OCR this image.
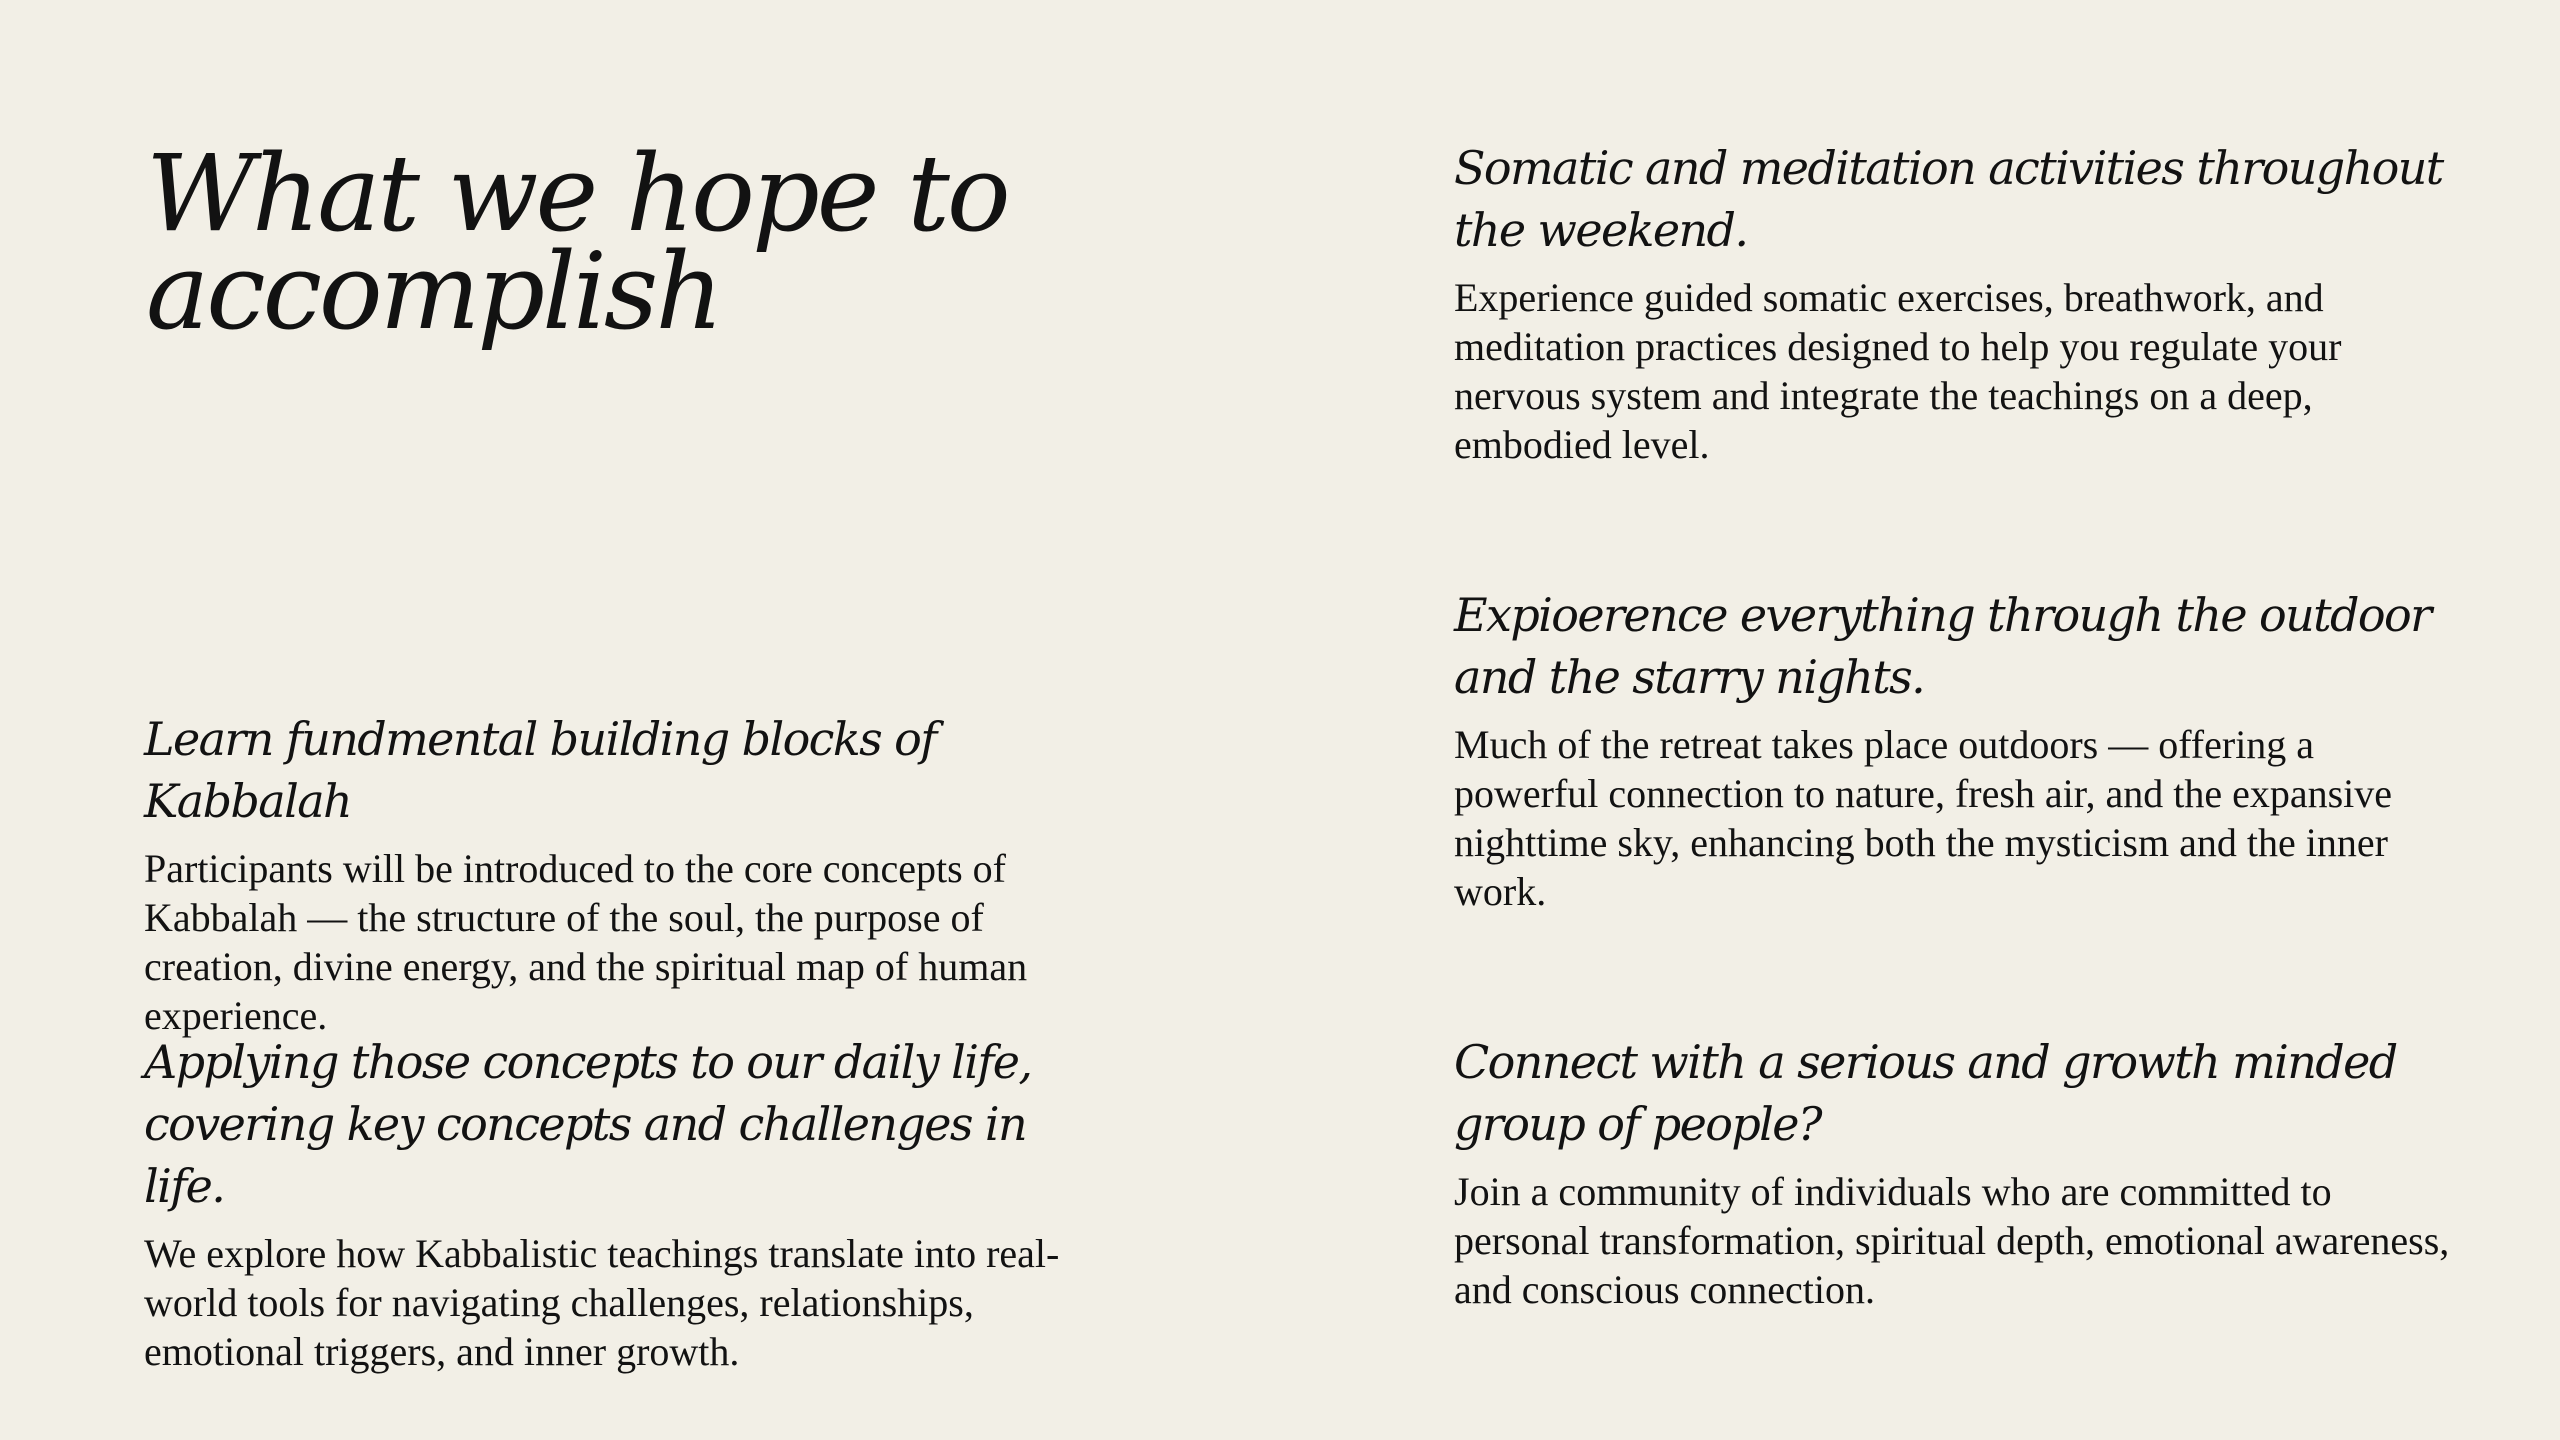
What we hope to accomplish
Learn fundmental building blocks of Kabbalah

Participants will be introduced to the core concepts of Kabbalah — the structure of the soul, the purpose of creation, divine energy, and the spiritual map of human experience.

Applying those concepts to our daily life, covering key concepts and challenges in life.

We explore how Kabbalistic teachings translate into real-world tools for navigating challenges, relationships, emotional triggers, and inner growth.

Somatic and meditation activities throughout the weekend.

Experience guided somatic exercises, breathwork, and meditation practices designed to help you regulate your nervous system and integrate the teachings on a deep, embodied level.

Expioerence everything through the outdoor and the starry nights.

Much of the retreat takes place outdoors — offering a powerful connection to nature, fresh air, and the expansive nighttime sky, enhancing both the mysticism and the inner work.

Connect with a serious and growth minded group of people?

Join a community of individuals who are committed to personal transformation, spiritual depth, emotional awareness, and conscious connection.
